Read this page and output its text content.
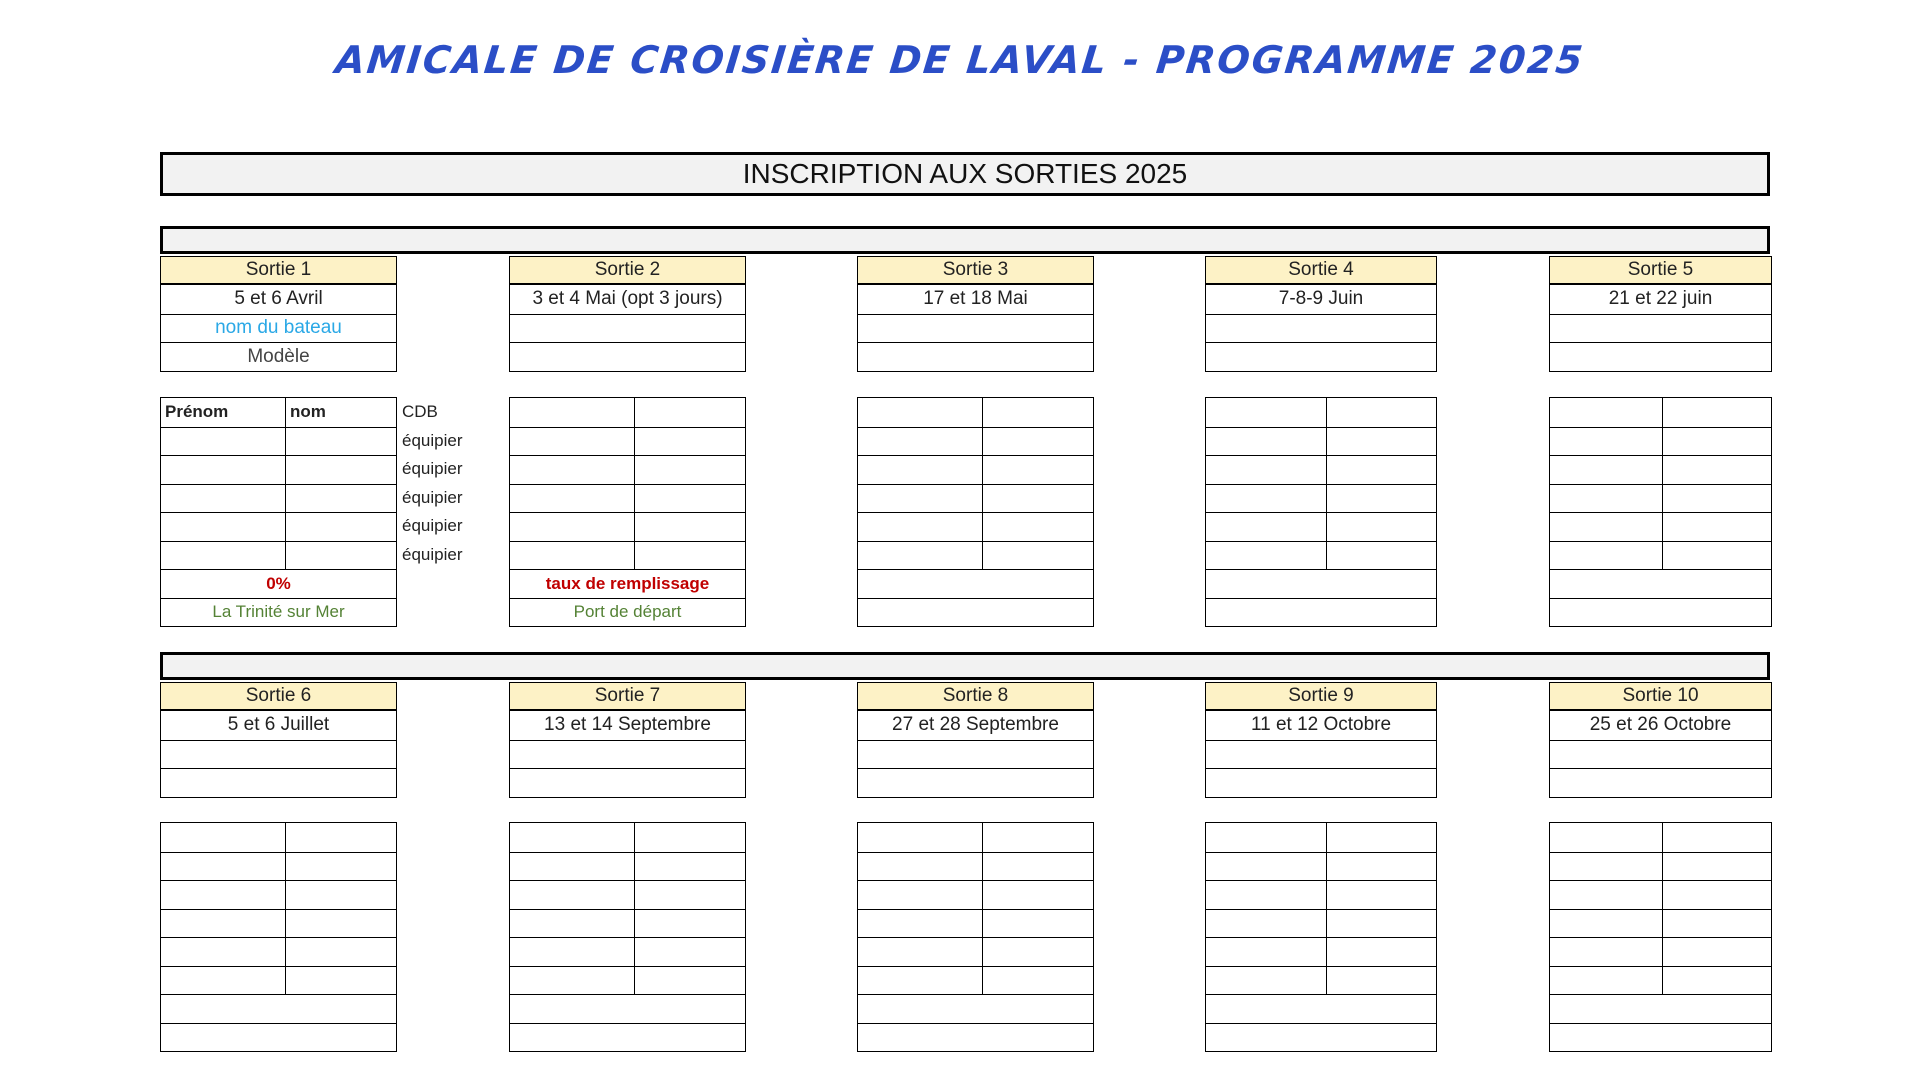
AMICALE DE CROISIÈRE DE LAVAL - PROGRAMME 2025
INSCRIPTION AUX SORTIES 2025
Sortie 1
5 et 6 Avril
nom du bateau
Modèle
Prénom	nom
0%
La Trinité sur Mer
Sortie 2
3 et 4 Mai (opt 3 jours)
taux de remplissage
Port de départ
Sortie 3
17 et 18 Mai
Sortie 4
7-8-9 Juin
Sortie 5
21 et 22 juin
Sortie 6
5 et 6 Juillet
Sortie 7
13 et 14 Septembre
Sortie 8
27 et 28 Septembre
Sortie 9
11 et 12 Octobre
Sortie 10
25 et 26 Octobre
CDB
équipier
équipier
équipier
équipier
équipier
